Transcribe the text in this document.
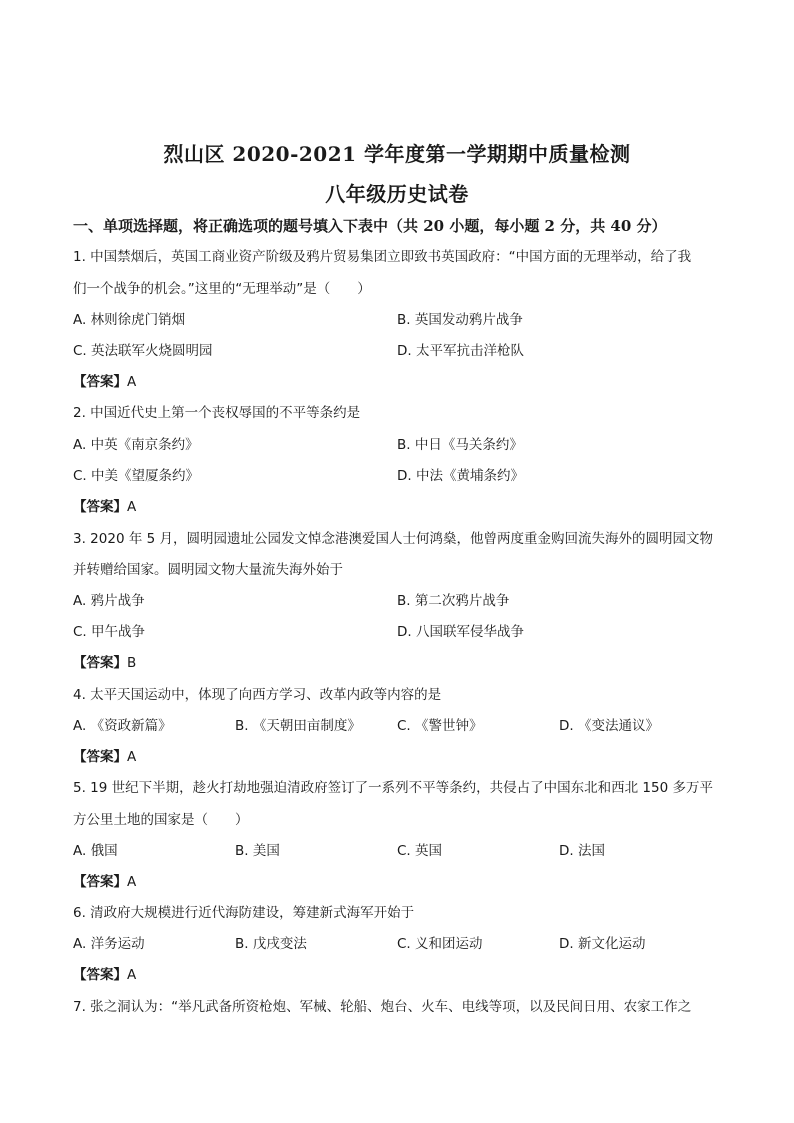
烈山区 2020-2021 学年度第一学期期中质量检测
八年级历史试卷
一、单项选择题，将正确选项的题号填入下表中（共 20 小题，每小题 2 分，共 40 分）
1. 中国禁烟后，英国工商业资产阶级及鸦片贸易集团立即致书英国政府：“中国方面的无理举动，给了我
们一个战争的机会。”这里的“无理举动”是（　　）
A. 林则徐虎门销烟	B. 英国发动鸦片战争
C. 英法联军火烧圆明园	D. 太平军抗击洋枪队
【答案】A
2. 中国近代史上第一个丧权辱国的不平等条约是
A. 中英《南京条约》	B. 中日《马关条约》
C. 中美《望厦条约》	D. 中法《黄埔条约》
【答案】A
3. 2020 年 5 月，圆明园遗址公园发文悼念港澳爱国人士何鸿燊，他曾两度重金购回流失海外的圆明园文物
并转赠给国家。圆明园文物大量流失海外始于
A. 鸦片战争	B. 第二次鸦片战争
C. 甲午战争	D. 八国联军侵华战争
【答案】B
4. 太平天国运动中，体现了向西方学习、改革内政等内容的是
A. 《资政新篇》	B. 《天朝田亩制度》	C. 《警世钟》	D. 《变法通议》
【答案】A
5. 19 世纪下半期，趁火打劫地强迫清政府签订了一系列不平等条约，共侵占了中国东北和西北 150 多万平
方公里土地的国家是（　　）
A. 俄国	B. 美国	C. 英国	D. 法国
【答案】A
6. 清政府大规模进行近代海防建设，筹建新式海军开始于
A. 洋务运动	B. 戊戌变法	C. 义和团运动	D. 新文化运动
【答案】A
7. 张之洞认为：“举凡武备所资枪炮、军械、轮船、炮台、火车、电线等项，以及民间日用、农家工作之
